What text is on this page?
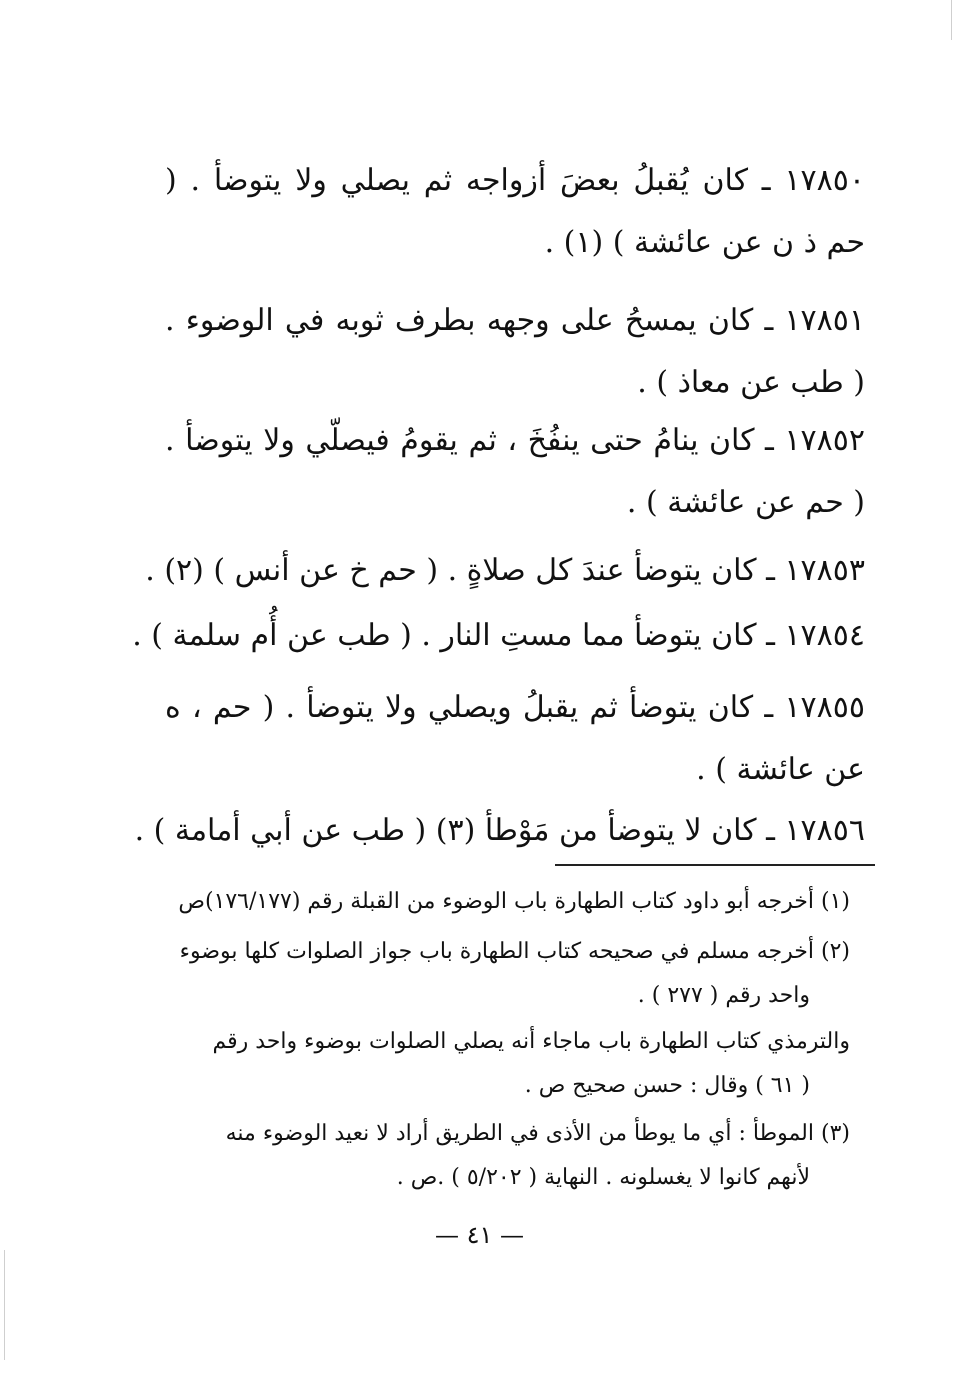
١٧٨٥٠ ـ كان يُقبلُ بعضَ أزواجه ثم يصلي ولا يتوضأ . ( حم ذ ن عن عائشة ) (١) .

١٧٨٥١ ـ كان يمسحُ على وجهه بطرف ثوبه في الوضوء . ( طب عن معاذ ) .

١٧٨٥٢ ـ كان ينامُ حتى ينفُخَ ، ثم يقومُ فيصلّي ولا يتوضأ . ( حم عن عائشة ) .

١٧٨٥٣ ـ كان يتوضأ عندَ كل صلاةٍ . ( حم خ عن أنس ) (٢) .

١٧٨٥٤ ـ كان يتوضأ مما مستِ النار . ( طب عن أُم سلمة ) .

١٧٨٥٥ ـ كان يتوضأ ثم يقبلُ ويصلي ولا يتوضأ . ( حم ، ه عن عائشة ) .

١٧٨٥٦ ـ كان لا يتوضأ من مَوْطأ (٣) ( طب عن أبي أمامة ) .

(١) أخرجه أبو داود كتاب الطهارة باب الوضوء من القبلة رقم (١٧٦/١٧٧)ص
(٢) أخرجه مسلم في صحيحه كتاب الطهارة باب جواز الصلوات كلها بوضوء
واحد رقم ( ٢٧٧ ) .
والترمذي كتاب الطهارة باب ماجاء أنه يصلي الصلوات بوضوء واحد رقم
( ٦١ ) وقال : حسن صحيح ص .
(٣) الموطأ : أي ما يوطأ من الأذى في الطريق أراد لا نعيد الوضوء منه
لأنهم كانوا لا يغسلونه . النهاية ( ٥/٢٠٢ ) .ص .
— ٤١ —
